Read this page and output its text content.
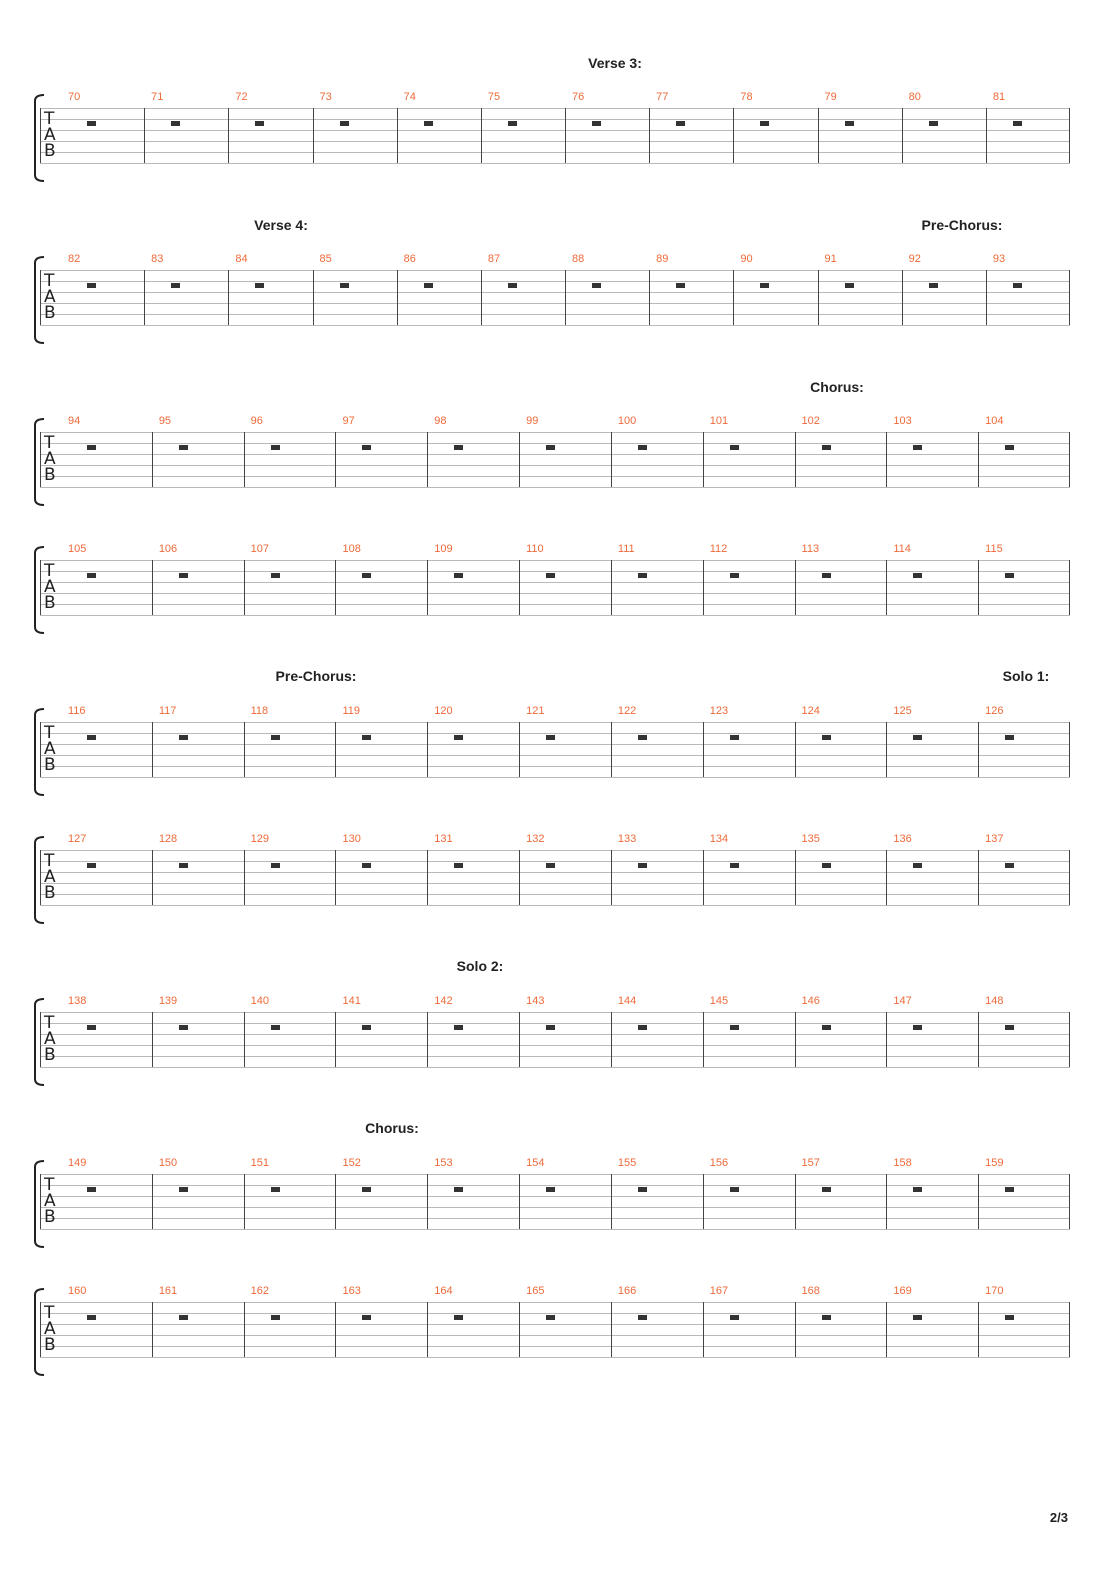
Verse 3:
T
A
B
70	71	72	73	74	75	76	77	78	79	80	81
Verse 4:	Pre-Chorus:
T
A
B
82	83	84	85	86	87	88	89	90	91	92	93
Chorus:
T
A
B
94	95	96	97	98	99	100	101	102	103	104
T
A
B
105	106	107	108	109	110	111	112	113	114	115
Pre-Chorus:	Solo 1:
T
A
B
116	117	118	119	120	121	122	123	124	125	126
T
A
B
127	128	129	130	131	132	133	134	135	136	137
Solo 2:
T
A
B
138	139	140	141	142	143	144	145	146	147	148
Chorus:
T
A
B
149	150	151	152	153	154	155	156	157	158	159
T
A
B
160	161	162	163	164	165	166	167	168	169	170
2/3
